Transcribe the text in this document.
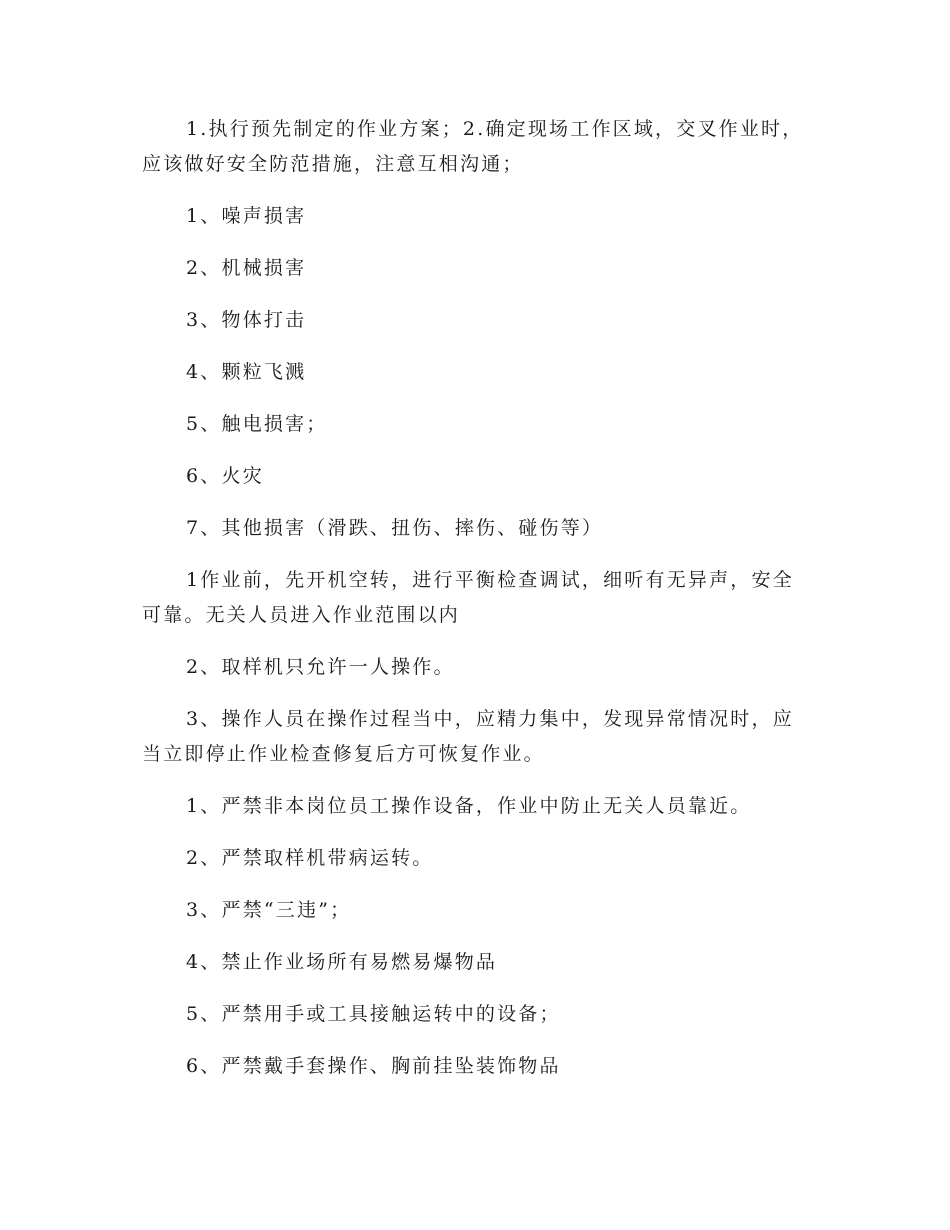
1.执行预先制定的作业方案；2.确定现场工作区域，交叉作业时，应该做好安全防范措施，注意互相沟通；

1、噪声损害

2、机械损害

3、物体打击

4、颗粒飞溅

5、触电损害；

6、火灾

7、其他损害（滑跌、扭伤、摔伤、碰伤等）

1作业前，先开机空转，进行平衡检查调试，细听有无异声，安全可靠。无关人员进入作业范围以内

2、取样机只允许一人操作。

3、操作人员在操作过程当中，应精力集中，发现异常情况时，应当立即停止作业检查修复后方可恢复作业。

1、严禁非本岗位员工操作设备，作业中防止无关人员靠近。

2、严禁取样机带病运转。

3、严禁“三违”；

4、禁止作业场所有易燃易爆物品

5、严禁用手或工具接触运转中的设备；

6、严禁戴手套操作、胸前挂坠装饰物品
